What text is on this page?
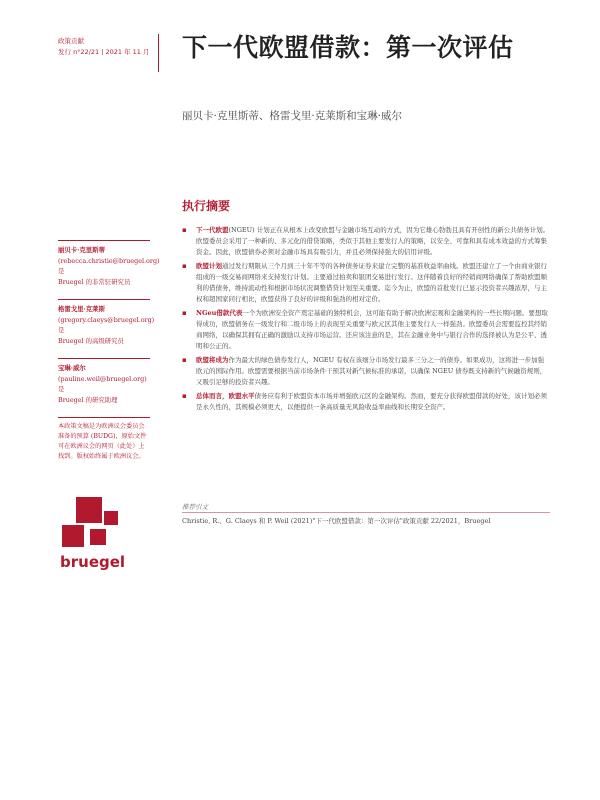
政策贡献
发行 n°22/21 | 2021 年 11 月 下一代欧盟借款：第一次评估
丽贝卡·克里斯蒂、格雷戈里·克莱斯和宝琳·威尔
执行摘要
丽贝卡·克里斯蒂
(rebecca.christie@bruegel.org) 是
Bruegel 的非常驻研究员
格雷戈里·克莱斯
(gregory.claeys@bruegel.org) 是
Bruegel 的高级研究员
宝琳·威尔
(pauline.weil@bruegel.org) 是
Bruegel 的研究助理
本政策文稿是为欧洲议会委员会准备的预算 (BUDG)，原始文件可在欧洲议会的网页（此处）上找到。版权始终属于欧洲议会。
▪ 下一代欧盟(NGEU) 计划正在从根本上改变欧盟与金融市场互动的方式，因为它雄心勃勃且具有开创性的新公共债务计划。欧盟委员会采用了一种新的、多元化的借贷策略，类似于其他主要发行人的策略，以安全、可靠和具有成本效益的方式筹集资金。因此，欧盟债券必须对金融市场具有吸引力，并且必须保持强大的信用评级。
▪ 欧盟计划通过发行期限从三个月到三十年不等的各种债务证券来建立完整的基准收益率曲线。欧盟还建立了一个由商业银行组成的一级交易商网络来支持发行计划。主要通过拍卖和银团交易进行发行。这伴随着良好的经销商网络确保了帮助欧盟顺利的借债务，维持流动性和根据市场状况调整借贷计划至关重要。迄今为止，欧盟的首批发行已显示投资者兴趣浓厚，与主权和超国家同行相比，欧盟获得了良好的评级和强劲的相对定价。
▪ NGeu借款代表一个为欧洲安全资产奠定基础的独特机会，这可能有助于解决欧洲宏观和金融架构的一些长期问题。要想取得成功，欧盟债务在一级发行和二级市场上的表现至关重要与欧元区其他主要发行人一样强劲。欧盟委员会需要监控其经销商网络，以确保其拥有正确的激励以支持市场运营。还应该注意的是，其在金融业务中与银行合作的选择被认为是公平、透明和公正的。
▪ 欧盟将成为作为最大的绿色债券发行人，NGEU 有权在该细分市场发行最多三分之一的债券。如果成功，这将进一步加强欧元的国际作用。欧盟需要根据当前市场条件干预其对新气候标准的承诺，以确保 NGEU 债券既支持新的气候融资规则，又吸引足够的投资者兴趣。
▪ 总体而言，欧盟水平债务应有利于欧盟资本市场并增强欧元区的金融架构。然而，要充分获得欧盟借款的好处，该计划必须是永久性的，其规模必须更大，以便提供一条高质量无风险收益率曲线和长期安全资产。
推荐引文
Christie, R.、G. Claeys 和 P. Weil (2021)"下一代欧盟借款：第一次评估"政策贡献 22/2021，Bruegel
bruegel
